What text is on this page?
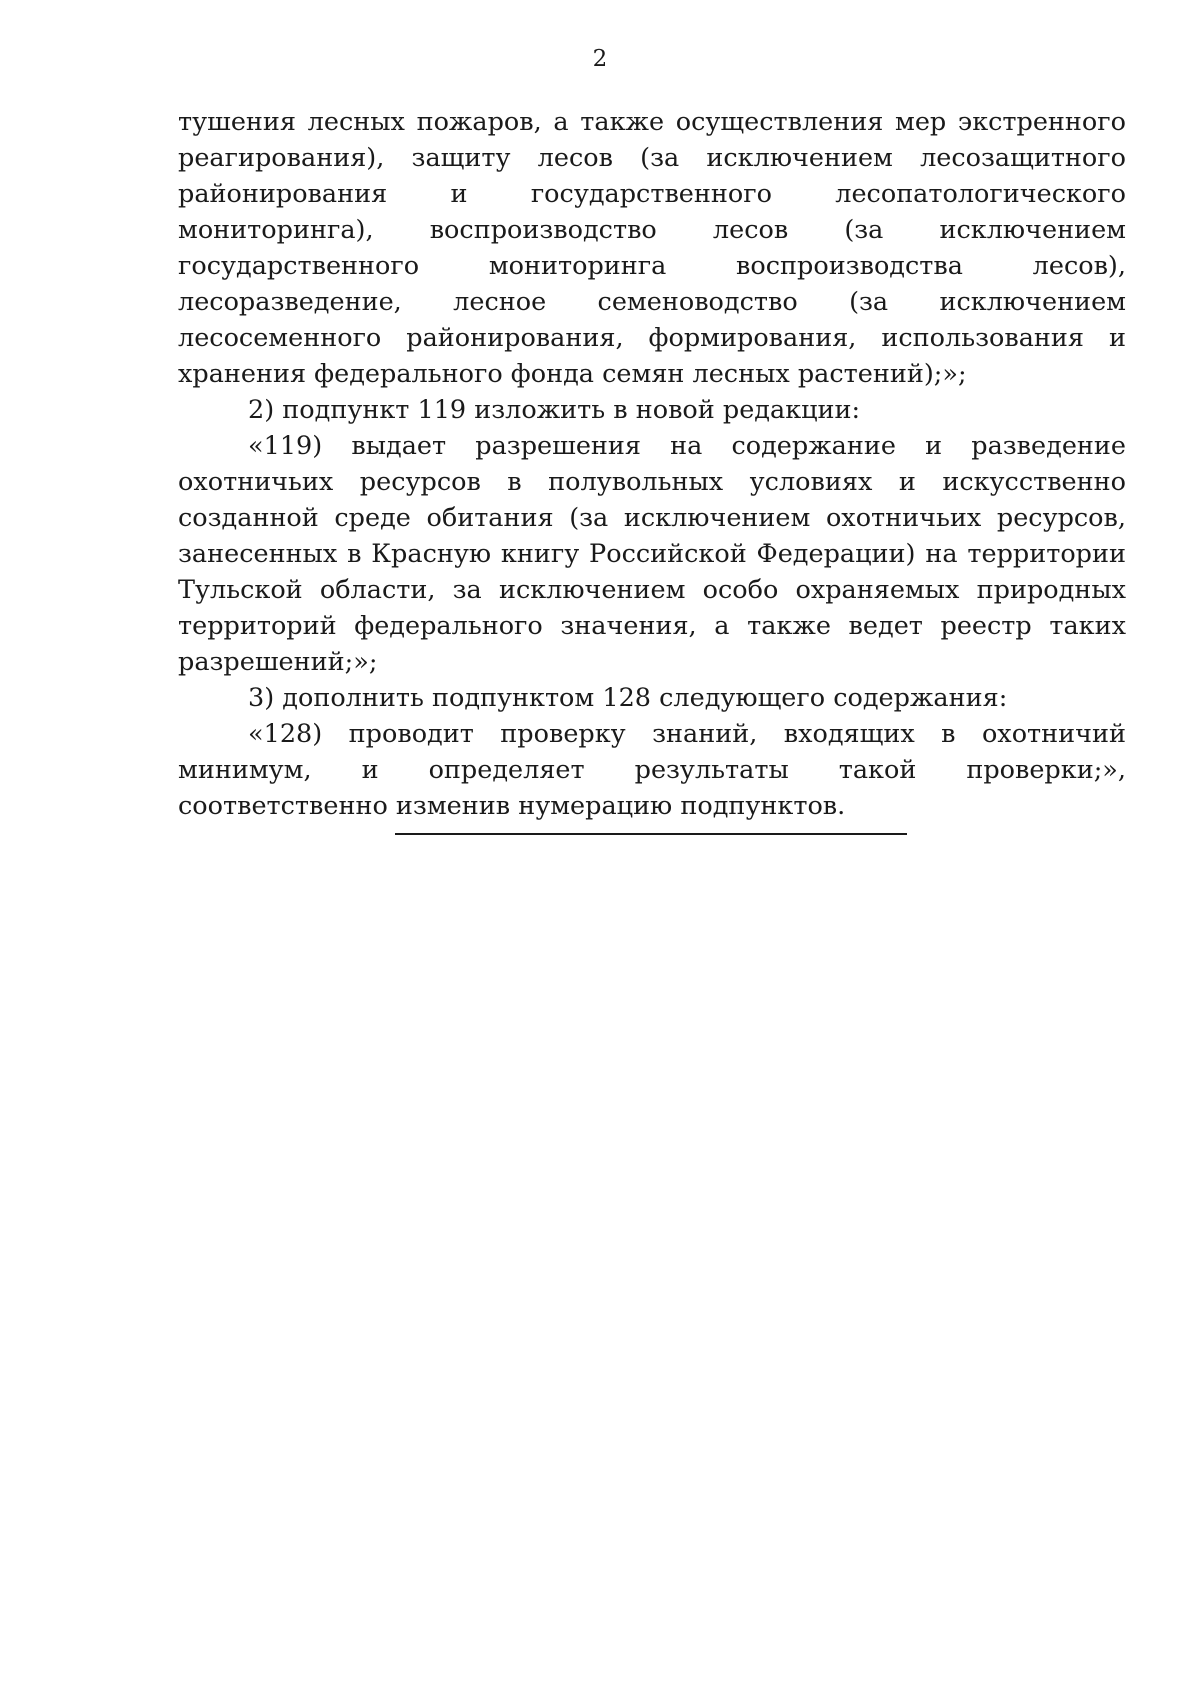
2

тушения лесных пожаров, а также осуществления мер экстренного реагирования), защиту лесов (за исключением лесозащитного районирования и государственного лесопатологического мониторинга), воспроизводство лесов (за исключением государственного мониторинга воспроизводства лесов), лесоразведение, лесное семеноводство (за исключением лесосеменного районирования, формирования, использования и хранения федерального фонда семян лесных растений);»;

2) подпункт 119 изложить в новой редакции:

«119) выдает разрешения на содержание и разведение охотничьих ресурсов в полувольных условиях и искусственно созданной среде обитания (за исключением охотничьих ресурсов, занесенных в Красную книгу Российской Федерации) на территории Тульской области, за исключением особо охраняемых природных территорий федерального значения, а также ведет реестр таких разрешений;»;

3) дополнить подпунктом 128 следующего содержания:

«128) проводит проверку знаний, входящих в охотничий минимум, и определяет результаты такой проверки;», соответственно изменив нумерацию подпунктов.
